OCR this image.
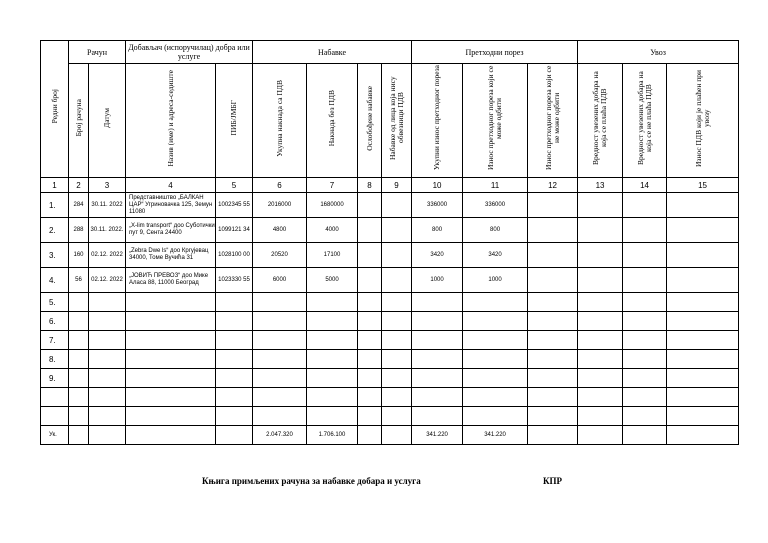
Редни број	Рачун		Добављач (испоручилац) добра или услуге		Набавке				Претходни порез			Увоз		
	Број рачуна	Датум	Назив (име) и адреса-седиште	ПИБ/ЈМБГ	Укупна накнада са ПДВ	Накнада без ПДВ	Ослобођене набавке	Набавке од лица која нису обвезници ПДВ	Укупни износ претходног пореза	Износ претходног пореза који се може одбити	Износ претходног пореза који се не може одбити	Вредност увезених добара на која се плаћа ПДВ	Вредност увезених добара на која се не плаћа ПДВ	Износ ПДВ који је плаћен при увозу
1	2	3	4	5	6	7	8	9	10	11	12	13	14	15
1.	284	30.11. 2022	Представништво „БАЛКАН ЦАР“ Угриновачка 125, Земун 11080	1002345 55	2016000	1680000			336000	336000				
2.	288	30.11. 2022.	„X-lim transport“ доо Суботички пут 9, Сента 24400	1099121 34	4800	4000			800	800				
3.	160	02.12. 2022	„Zebra Dwe ls“ доо Кргујевац 34000, Томе Вучића 31	1028100 00	20520	17100			3420	3420				
4.	56	02.12. 2022	„ЈОВИЋ ПРЕВОЗ“ доо Мике Аласа 88, 11000 Београд	1023330 55	6000	5000			1000	1000				
5.														
6.														
7.														
8.														
9.														

Ук.					2.047.320	1.706.100			341.220	341.220				
Књига примљених рачуна за набавке добара и услуга	КПР
